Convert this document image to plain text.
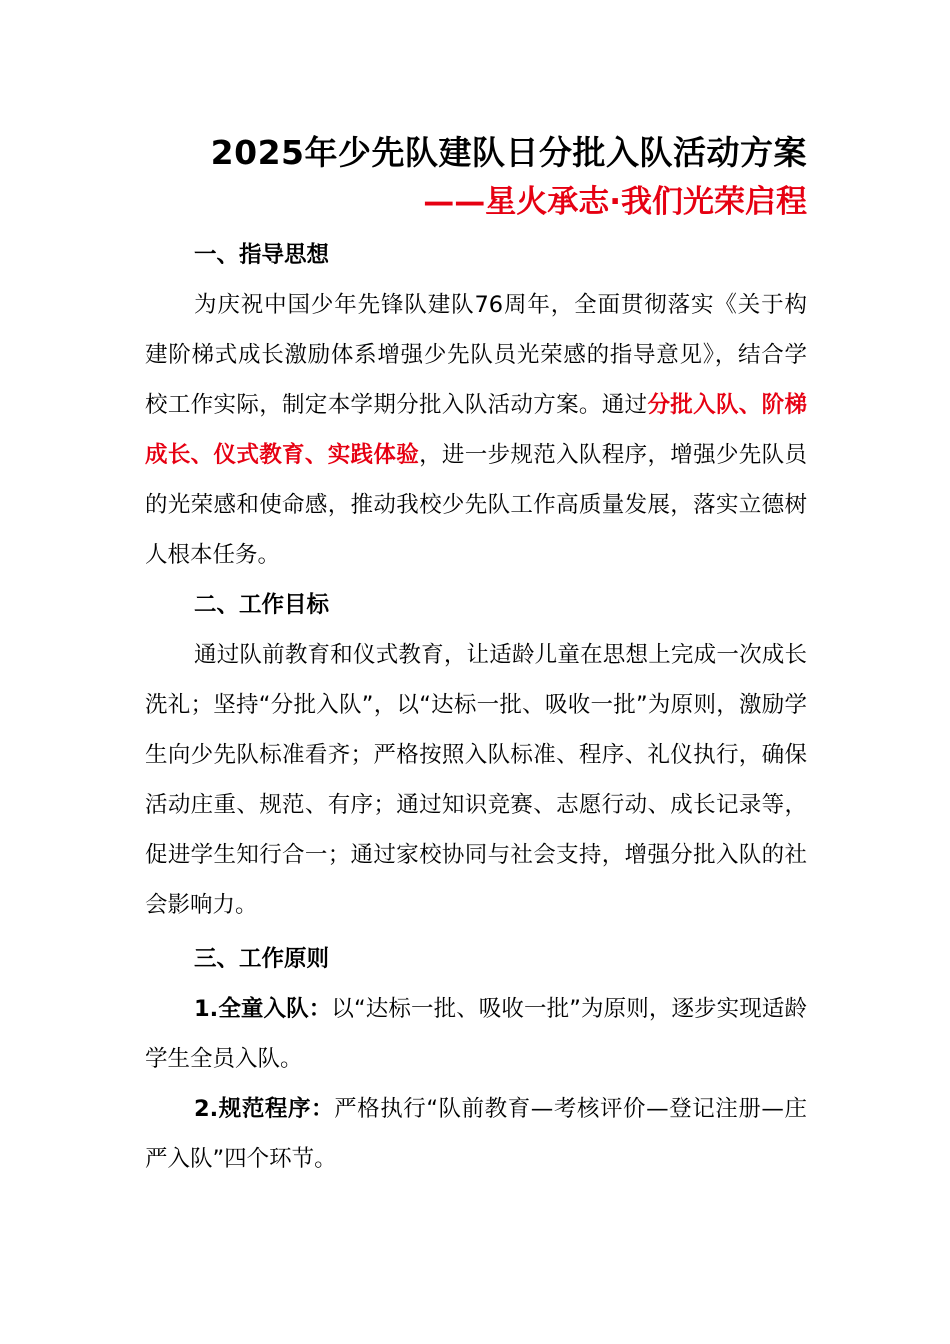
2025年少先队建队日分批入队活动方案
——星火承志·我们光荣启程

一、指导思想

为庆祝中国少年先锋队建队76周年，全面贯彻落实《关于构建阶梯式成长激励体系增强少先队员光荣感的指导意见》，结合学校工作实际，制定本学期分批入队活动方案。通过分批入队、阶梯成长、仪式教育、实践体验，进一步规范入队程序，增强少先队员的光荣感和使命感，推动我校少先队工作高质量发展，落实立德树人根本任务。

二、工作目标

通过队前教育和仪式教育，让适龄儿童在思想上完成一次成长洗礼；坚持“分批入队”，以“达标一批、吸收一批”为原则，激励学生向少先队标准看齐；严格按照入队标准、程序、礼仪执行，确保活动庄重、规范、有序；通过知识竞赛、志愿行动、成长记录等，促进学生知行合一；通过家校协同与社会支持，增强分批入队的社会影响力。

三、工作原则

1.全童入队：以“达标一批、吸收一批”为原则，逐步实现适龄学生全员入队。

2.规范程序：严格执行“队前教育—考核评价—登记注册—庄严入队”四个环节。
